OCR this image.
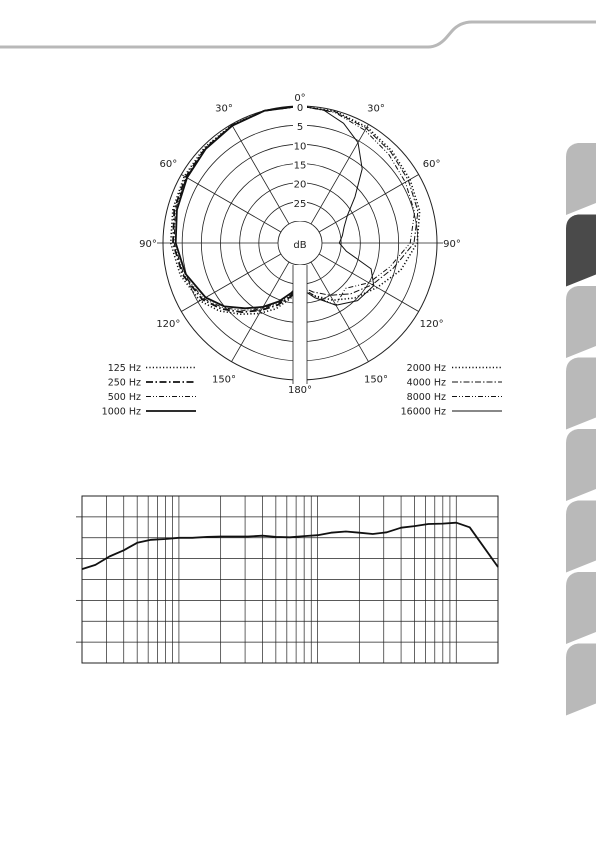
0
5
10
15
20
25
dB
0°
180°
30°
30°
60°
60°
90°
90°
120°
120°
150°
150°
125 Hz
250 Hz
500 Hz
1000 Hz
2000 Hz
4000 Hz
8000 Hz
16000 Hz
